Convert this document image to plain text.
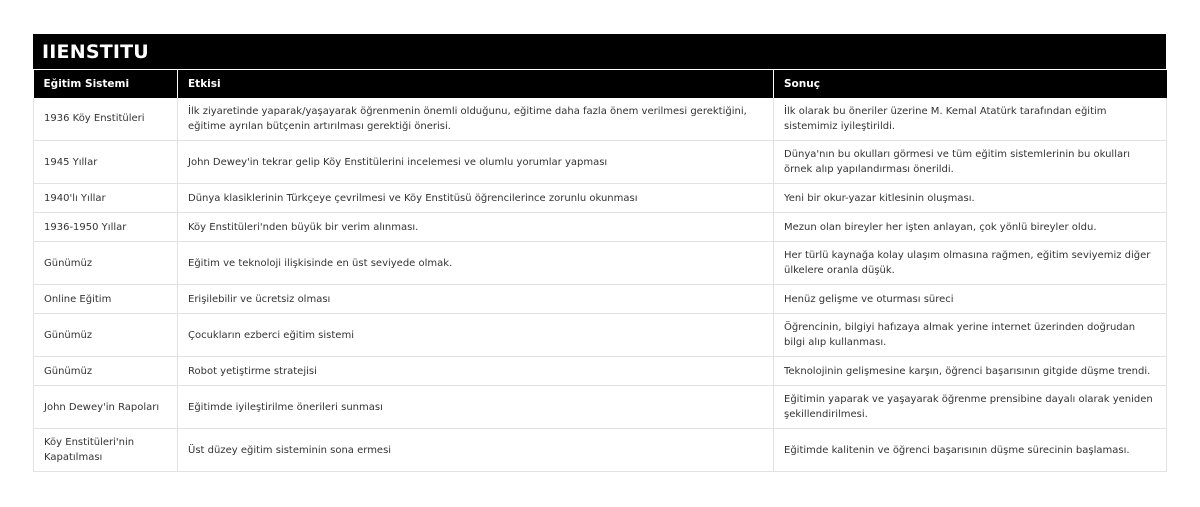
IIENSTITU
Eğitim Sistemi	Etkisi	Sonuç
1936 Köy Enstitüleri	İlk ziyaretinde yaparak/yaşayarak öğrenmenin önemli olduğunu, eğitime daha fazla önem verilmesi gerektiğini, eğitime ayrılan bütçenin artırılması gerektiği önerisi.	İlk olarak bu öneriler üzerine M. Kemal Atatürk tarafından eğitim sistemimiz iyileştirildi.
1945 Yıllar	John Dewey'in tekrar gelip Köy Enstitülerini incelemesi ve olumlu yorumlar yapması	Dünya'nın bu okulları görmesi ve tüm eğitim sistemlerinin bu okulları örnek alıp yapılandırması önerildi.
1940'lı Yıllar	Dünya klasiklerinin Türkçeye çevrilmesi ve Köy Enstitüsü öğrencilerince zorunlu okunması	Yeni bir okur-yazar kitlesinin oluşması.
1936-1950 Yıllar	Köy Enstitüleri'nden büyük bir verim alınması.	Mezun olan bireyler her işten anlayan, çok yönlü bireyler oldu.
Günümüz	Eğitim ve teknoloji ilişkisinde en üst seviyede olmak.	Her türlü kaynağa kolay ulaşım olmasına rağmen, eğitim seviyemiz diğer ülkelere oranla düşük.
Online Eğitim	Erişilebilir ve ücretsiz olması	Henüz gelişme ve oturması süreci
Günümüz	Çocukların ezberci eğitim sistemi	Öğrencinin, bilgiyi hafızaya almak yerine internet üzerinden doğrudan bilgi alıp kullanması.
Günümüz	Robot yetiştirme stratejisi	Teknolojinin gelişmesine karşın, öğrenci başarısının gitgide düşme trendi.
John Dewey'in Rapoları	Eğitimde iyileştirilme önerileri sunması	Eğitimin yaparak ve yaşayarak öğrenme prensibine dayalı olarak yeniden şekillendirilmesi.
Köy Enstitüleri'nin Kapatılması	Üst düzey eğitim sisteminin sona ermesi	Eğitimde kalitenin ve öğrenci başarısının düşme sürecinin başlaması.
